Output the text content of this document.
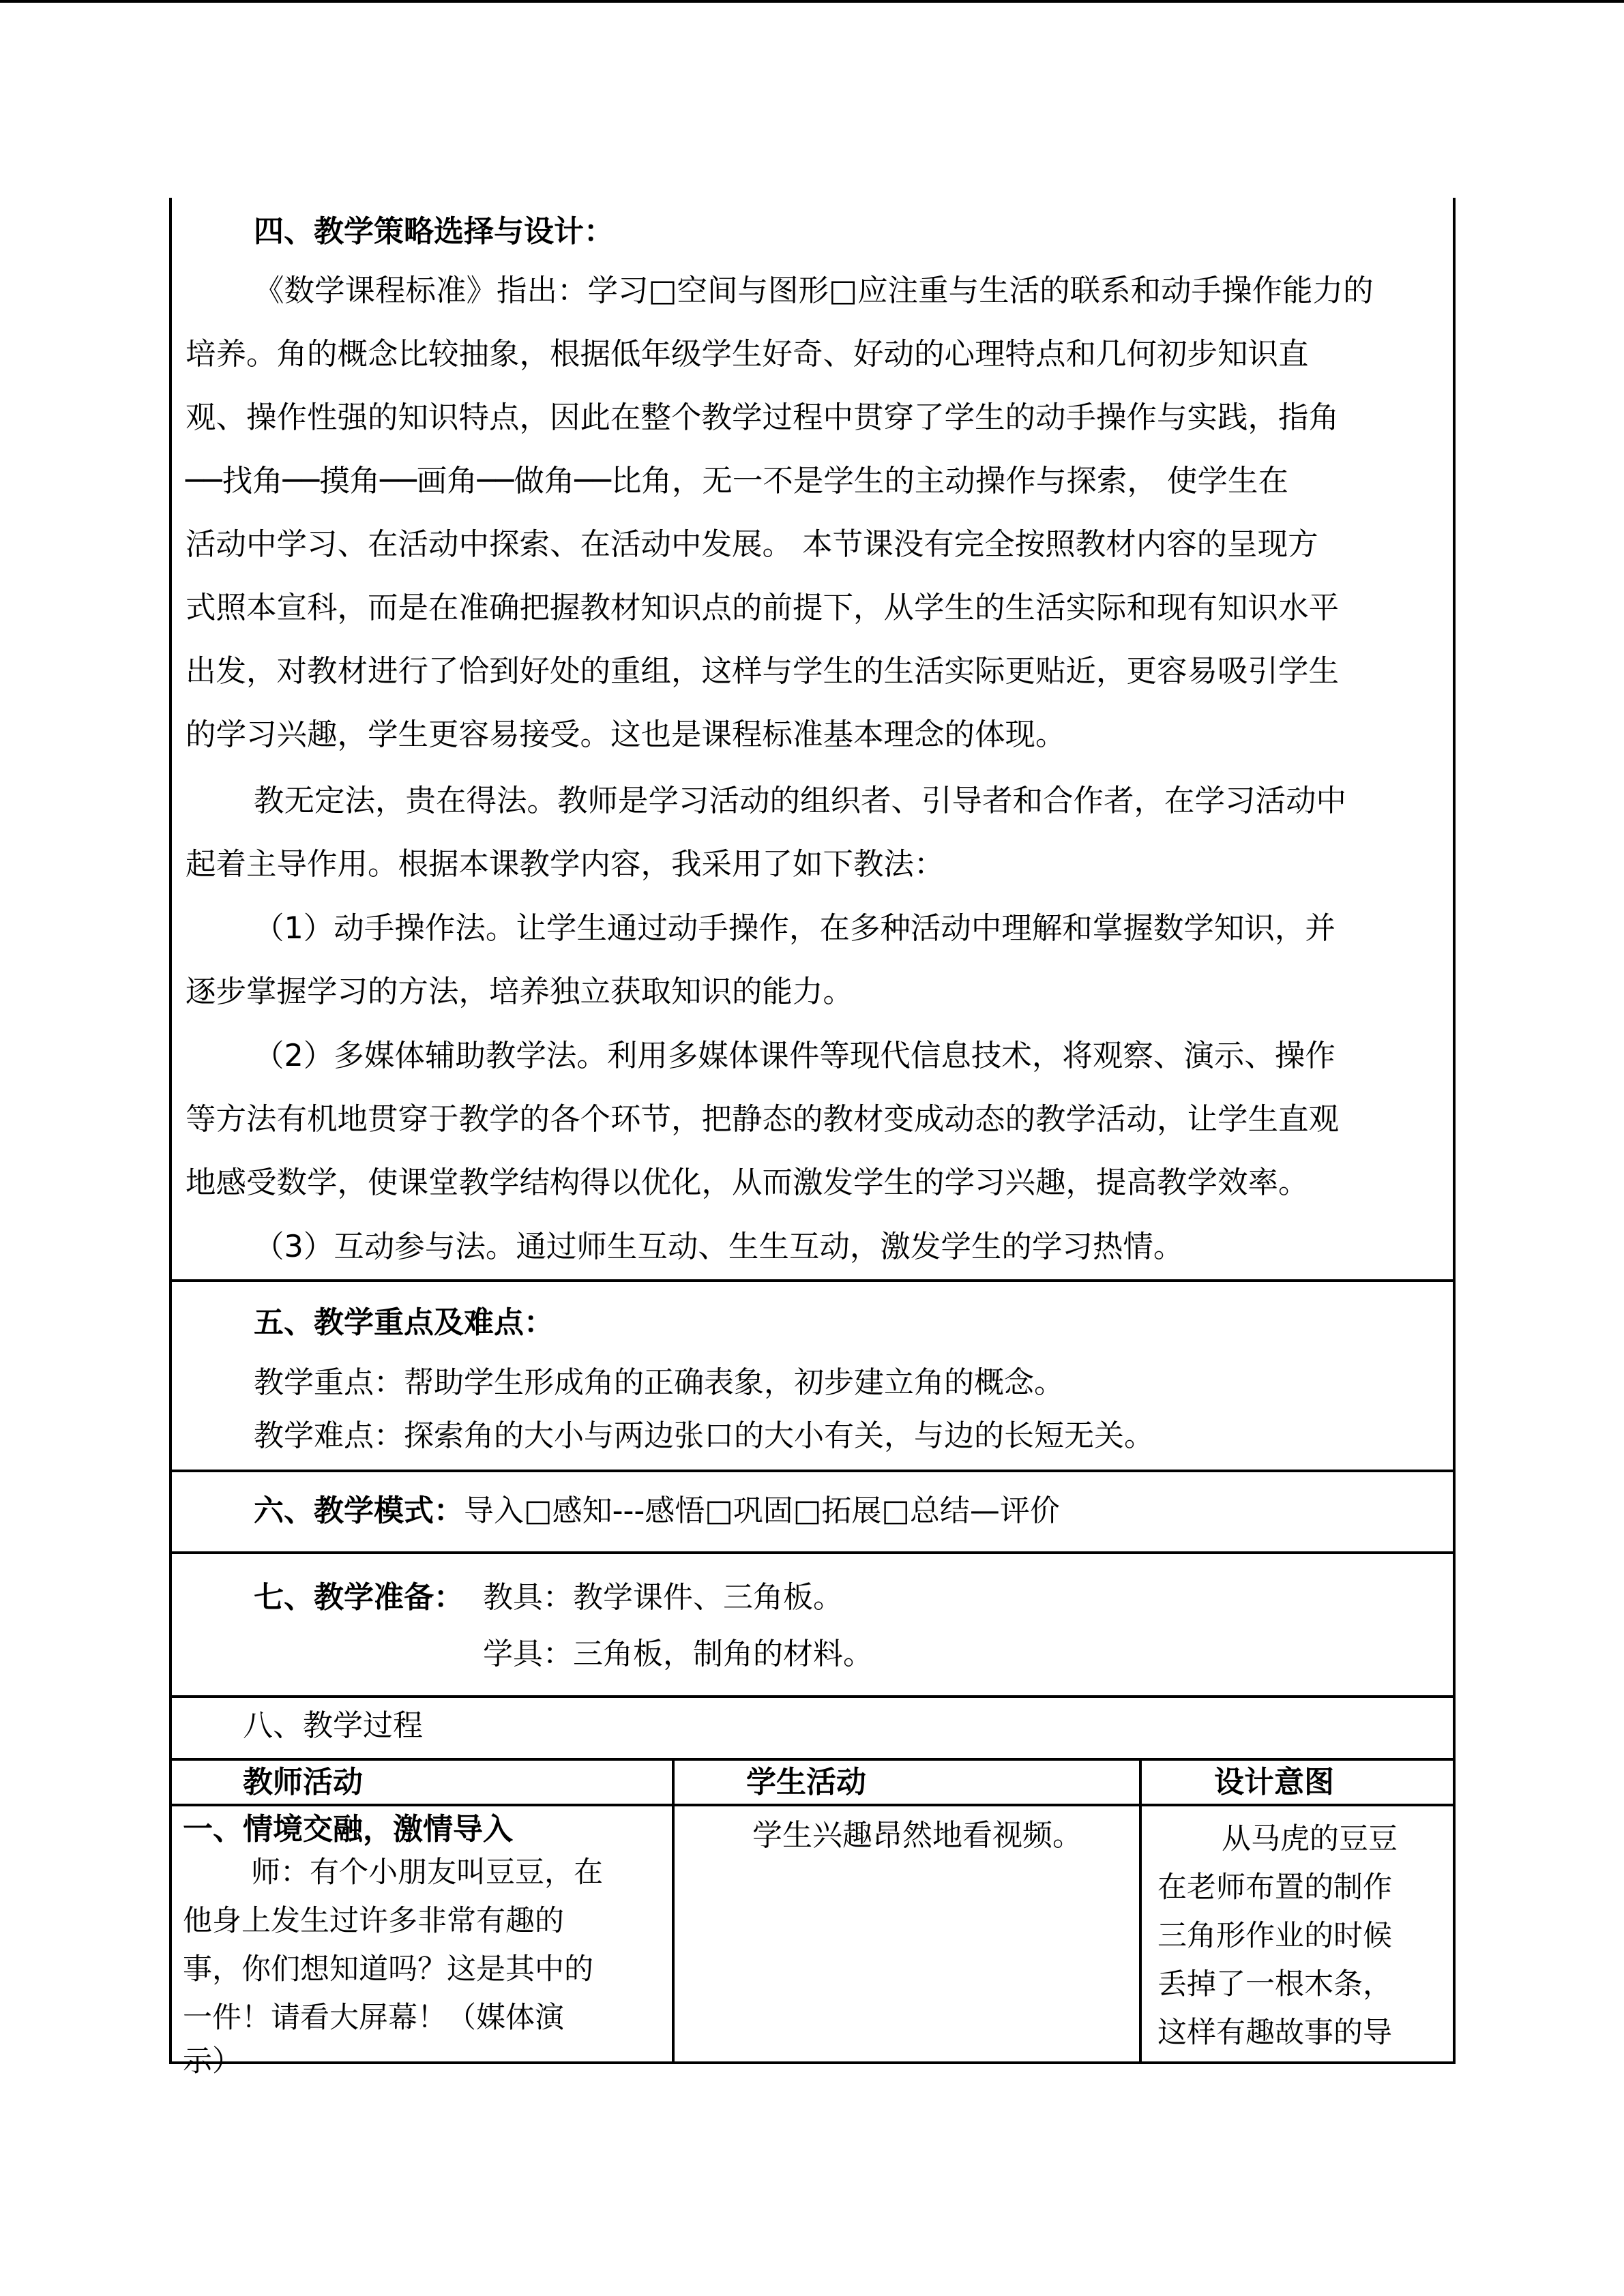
四、教学策略选择与设计：
《数学课程标准》指出：学习□空间与图形□应注重与生活的联系和动手操作能力的
培养。角的概念比较抽象，根据低年级学生好奇、好动的心理特点和几何初步知识直
观、操作性强的知识特点，因此在整个教学过程中贯穿了学生的动手操作与实践，指角
──找角──摸角──画角──做角──比角，无一不是学生的主动操作与探索， 使学生在
活动中学习、在活动中探索、在活动中发展。 本节课没有完全按照教材内容的呈现方
式照本宣科，而是在准确把握教材知识点的前提下，从学生的生活实际和现有知识水平
出发，对教材进行了恰到好处的重组，这样与学生的生活实际更贴近，更容易吸引学生
的学习兴趣，学生更容易接受。这也是课程标准基本理念的体现。
教无定法，贵在得法。教师是学习活动的组织者、引导者和合作者，在学习活动中
起着主导作用。根据本课教学内容，我采用了如下教法：
（1）动手操作法。让学生通过动手操作，在多种活动中理解和掌握数学知识，并
逐步掌握学习的方法，培养独立获取知识的能力。
（2）多媒体辅助教学法。利用多媒体课件等现代信息技术，将观察、演示、操作
等方法有机地贯穿于教学的各个环节，把静态的教材变成动态的教学活动，让学生直观
地感受数学，使课堂教学结构得以优化，从而激发学生的学习兴趣，提高教学效率。
（3）互动参与法。通过师生互动、生生互动，激发学生的学习热情。
五、教学重点及难点：
教学重点：帮助学生形成角的正确表象，初步建立角的概念。
教学难点：探索角的大小与两边张口的大小有关，与边的长短无关。
六、教学模式：导入□感知---感悟□巩固□拓展□总结—评价
七、教学准备： 教具：教学课件、三角板。
学具：三角板，制角的材料。
八、教学过程
教师活动	学生活动	设计意图
一、情境交融，激情导入
师：有个小朋友叫豆豆，在
他身上发生过许多非常有趣的
事，你们想知道吗？这是其中的
一件！请看大屏幕！（媒体演
示）
学生兴趣昂然地看视频。	从马虎的豆豆
在老师布置的制作
三角形作业的时候
丢掉了一根木条，
这样有趣故事的导
